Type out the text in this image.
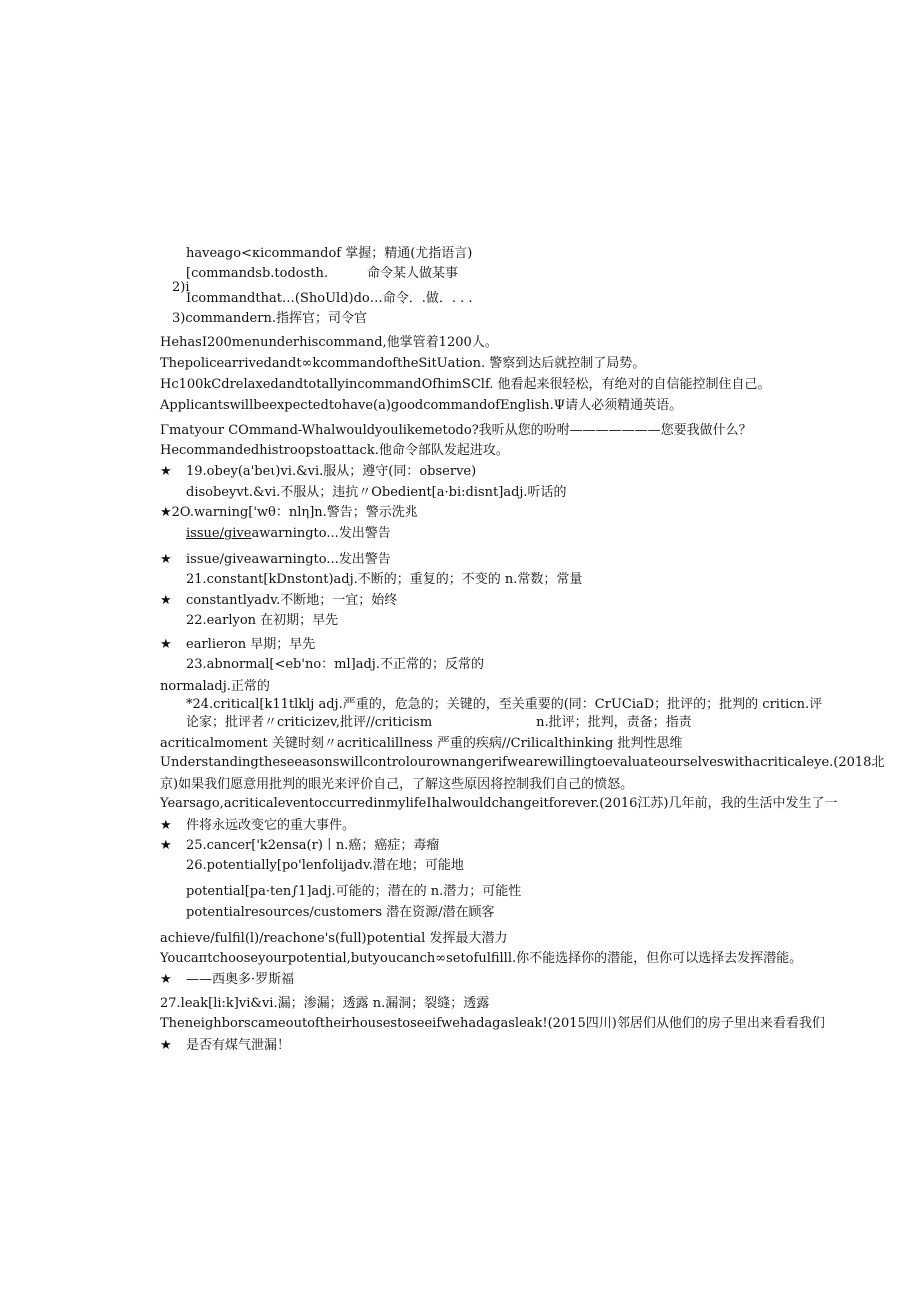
haveago<κicommandof 掌握；精通(尤指语言)
[commandsb.todosth.　　　命令某人做某事
2)i
Icommandthat…(ShoUld)do…命令．.做．. . .
3)commandern.指挥官；司令官
HehasI200menunderhiscommand,他掌管着1200人。
Thepolicearrivedandt∞kcommandoftheSitUation. 警察到达后就控制了局势。
Hc100kCdrelaxedandtotallyincommandOfhimSClf. 他看起来很轻松，有绝对的自信能控制住自己。
Applicantswillbeexpectedtohave(a)goodcommandofEnglish.Ψ请人必须精通英语。
Γmatyour COmmand-Whalwouldyoulikemetodo?我听从您的吩咐———————您要我做什么？
Hecommandedhistroopstoattack.他命令部队发起进攻。
★ 19.obey(a'beι)vi.&vi.服从；遵守(同：observe)
disobeyvt.&vi.不服从；违抗〃Obedient[a·bi:disnt]adj.听话的
★2O.warning['wθ：nlη]n.警告；警示洗兆
issue/giveawarningto...发出警告
★ issue/giveawarningto...发出警告
21.constant[kDnstont)adj.不断的；重复的；不变的 n.常数；常量
★ constantlyadv.不断地；一宜；始终
22.earlyon 在初期；早先
★ earlieron 早期；早先
23.abnormal[<eb'no：ml]adj.不正常的；反常的
normaladj.正常的
*24.critical[k11tlklj adj.严重的，危急的；关键的，至关重要的(同：CrUCiaD；批评的；批判的 criticn.评
论家；批评者〃criticizev,批评//criticism　　　　　　　　n.批评；批判，责备；指责
acriticalmoment 关键时刻〃acriticalillness 严重的疾病//Crilicalthinking 批判性思维
Understandingtheseeasonswillcontrolourownangerifwearewillingtoevaluateourselveswithacriticaleye.(2018北
京)如果我们愿意用批判的眼光来评价自己，了解这些原因将控制我们自己的愤怒。
Yearsago,acriticaleventoccurredinmylifeIhalwouldchangeitforever.(2016江苏)几年前，我的生活中发生了一
★ 件将永远改变它的重大事件。
★ 25.cancer['k2ensa(r)丨n.癌；癌症；毒瘤
26.potentially[po'lenfolijadv.潜在地；可能地
potential[pa·ten∫1]adj.可能的；潜在的 n.潜力；可能性
potentialresources/customers 潜在资源/潜在顾客
achieve/fulfil(l)/reachone's(full)potential 发挥最大潜力
Youcaπtchooseyourpotential,butyoucanch∞setofulfilll.你不能选择你的潜能，但你可以选择去发挥潜能。
★ ——西奥多·罗斯福
27.leak[li:k]vi&vi.漏；渗漏；透露 n.漏洞；裂缝；透露
Theneighborscameoutoftheirhousestoseeifwehadagasleak!(2015四川)邻居们从他们的房子里出来看看我们
★ 是否有煤气泄漏！
